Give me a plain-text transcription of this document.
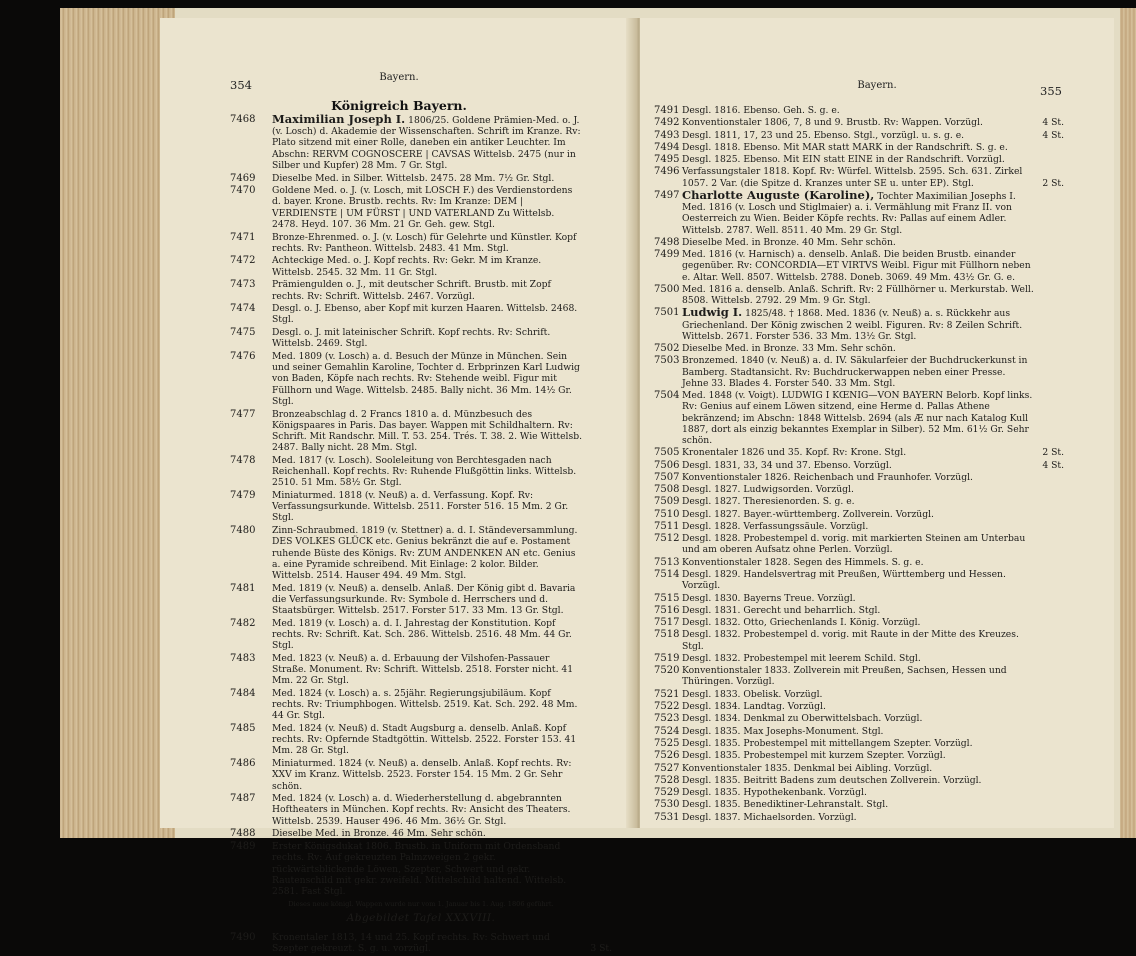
354
Bayern.
Königreich Bayern.
7468 Maximilian Joseph I. 1806/25. Goldene Prämien-Med. o. J. (v. Losch) d. Akademie der Wissenschaften. Schrift im Kranze. Rv: Plato sitzend mit einer Rolle, daneben ein antiker Leuchter. Im Abschn: RERVM COGNOSCERE | CAVSAS Wittelsb. 2475 (nur in Silber und Kupfer) 28 Mm. 7 Gr. Stgl.
7469 Dieselbe Med. in Silber. Wittelsb. 2475. 28 Mm. 7½ Gr. Stgl.
7470 Goldene Med. o. J. (v. Losch, mit LOSCH F.) des Verdienstordens d. bayer. Krone. Brustb. rechts. Rv: Im Kranze: DEM | VERDIENSTE | UM FÜRST | UND VATERLAND Zu Wittelsb. 2478. Heyd. 107. 36 Mm. 21 Gr. Geh. gew. Stgl.
7471 Bronze-Ehrenmed. o. J. (v. Losch) für Gelehrte und Künstler. Kopf rechts. Rv: Pantheon. Wittelsb. 2483. 41 Mm. Stgl.
7472 Achteckige Med. o. J. Kopf rechts. Rv: Gekr. M im Kranze. Wittelsb. 2545. 32 Mm. 11 Gr. Stgl.
7473 Prämiengulden o. J., mit deutscher Schrift. Brustb. mit Zopf rechts. Rv: Schrift. Wittelsb. 2467. Vorzügl.
7474 Desgl. o. J. Ebenso, aber Kopf mit kurzen Haaren. Wittelsb. 2468. Stgl.
7475 Desgl. o. J. mit lateinischer Schrift. Kopf rechts. Rv: Schrift. Wittelsb. 2469. Stgl.
7476 Med. 1809 (v. Losch) a. d. Besuch der Münze in München. Sein und seiner Gemahlin Karoline, Tochter d. Erbprinzen Karl Ludwig von Baden, Köpfe nach rechts. Rv: Stehende weibl. Figur mit Füllhorn und Wage. Wittelsb. 2485. Bally nicht. 36 Mm. 14½ Gr. Stgl.
7477 Bronzeabschlag d. 2 Francs 1810 a. d. Münzbesuch des Königspaares in Paris. Das bayer. Wappen mit Schildhaltern. Rv: Schrift. Mit Randschr. Mill. T. 53. 254. Trés. T. 38. 2. Wie Wittelsb. 2487. Bally nicht. 28 Mm. Stgl.
7478 Med. 1817 (v. Losch). Sooleleitung von Berchtesgaden nach Reichenhall. Kopf rechts. Rv: Ruhende Flußgöttin links. Wittelsb. 2510. 51 Mm. 58½ Gr. Stgl.
7479 Miniaturmed. 1818 (v. Neuß) a. d. Verfassung. Kopf. Rv: Verfassungsurkunde. Wittelsb. 2511. Forster 516. 15 Mm. 2 Gr. Stgl.
7480 Zinn-Schraubmed. 1819 (v. Stettner) a. d. I. Ständeversammlung. DES VOLKES GLÜCK etc. Genius bekränzt die auf e. Postament ruhende Büste des Königs. Rv: ZUM ANDENKEN AN etc. Genius a. eine Pyramide schreibend. Mit Einlage: 2 kolor. Bilder. Wittelsb. 2514. Hauser 494. 49 Mm. Stgl.
7481 Med. 1819 (v. Neuß) a. denselb. Anlaß. Der König gibt d. Bavaria die Verfassungsurkunde. Rv: Symbole d. Herrschers und d. Staatsbürger. Wittelsb. 2517. Forster 517. 33 Mm. 13 Gr. Stgl.
7482 Med. 1819 (v. Losch) a. d. I. Jahrestag der Konstitution. Kopf rechts. Rv: Schrift. Kat. Sch. 286. Wittelsb. 2516. 48 Mm. 44 Gr. Stgl.
7483 Med. 1823 (v. Neuß) a. d. Erbauung der Vilshofen-Passauer Straße. Monument. Rv: Schrift. Wittelsb. 2518. Forster nicht. 41 Mm. 22 Gr. Stgl.
7484 Med. 1824 (v. Losch) a. s. 25jähr. Regierungsjubiläum. Kopf rechts. Rv: Triumphbogen. Wittelsb. 2519. Kat. Sch. 292. 48 Mm. 44 Gr. Stgl.
7485 Med. 1824 (v. Neuß) d. Stadt Augsburg a. denselb. Anlaß. Kopf rechts. Rv: Opfernde Stadtgöttin. Wittelsb. 2522. Forster 153. 41 Mm. 28 Gr. Stgl.
7486 Miniaturmed. 1824 (v. Neuß) a. denselb. Anlaß. Kopf rechts. Rv: XXV im Kranz. Wittelsb. 2523. Forster 154. 15 Mm. 2 Gr. Sehr schön.
7487 Med. 1824 (v. Losch) a. d. Wiederherstellung d. abgebrannten Hoftheaters in München. Kopf rechts. Rv: Ansicht des Theaters. Wittelsb. 2539. Hauser 496. 46 Mm. 36½ Gr. Stgl.
7488 Dieselbe Med. in Bronze. 46 Mm. Sehr schön.
7489 Erster Königsdukat 1806. Brustb. in Uniform mit Ordensband rechts. Rv: Auf gekreuzten Palmzweigen 2 gekr. rückwärtsblickende Löwen, Szepter, Schwert und gekr. Rautenschild mit gekr. zweifeld. Mittelschild haltend. Wittelsb. 2581. Fast Stgl.
Dieses neue königl. Wappen wurde nur vom 1. Januar bis 1. Aug. 1806 geführt.
Abgebildet Tafel XXXVIII.
7490 Kronentaler 1813, 14 und 25. Kopf rechts. Rv: Schwert und Szepter gekreuzt. S. g. u. vorzügl.	3 St.
355
Bayern.
7491 Desgl. 1816. Ebenso. Geh. S. g. e.
7492 Konventionstaler 1806, 7, 8 und 9. Brustb. Rv: Wappen. Vorzügl.	4 St.
7493 Desgl. 1811, 17, 23 und 25. Ebenso. Stgl., vorzügl. u. s. g. e.	4 St.
7494 Desgl. 1818. Ebenso. Mit MAR statt MARK in der Randschrift. S. g. e.
7495 Desgl. 1825. Ebenso. Mit EIN statt EINE in der Randschrift. Vorzügl.
7496 Verfassungstaler 1818. Kopf. Rv: Würfel. Wittelsb. 2595. Sch. 631. Zirkel 1057. 2 Var. (die Spitze d. Kranzes unter SE u. unter EP). Stgl.	2 St.
7497 Charlotte Auguste (Karoline), Tochter Maximilian Josephs I. Med. 1816 (v. Losch und Stiglmaier) a. i. Vermählung mit Franz II. von Oesterreich zu Wien. Beider Köpfe rechts. Rv: Pallas auf einem Adler. Wittelsb. 2787. Well. 8511. 40 Mm. 29 Gr. Stgl.
7498 Dieselbe Med. in Bronze. 40 Mm. Sehr schön.
7499 Med. 1816 (v. Harnisch) a. denselb. Anlaß. Die beiden Brustb. einander gegenüber. Rv: CONCORDIA—ET VIRTVS Weibl. Figur mit Füllhorn neben e. Altar. Well. 8507. Wittelsb. 2788. Doneb. 3069. 49 Mm. 43½ Gr. G. e.
7500 Med. 1816 a. denselb. Anlaß. Schrift. Rv: 2 Füllhörner u. Merkurstab. Well. 8508. Wittelsb. 2792. 29 Mm. 9 Gr. Stgl.
7501 Ludwig I. 1825/48. † 1868. Med. 1836 (v. Neuß) a. s. Rückkehr aus Griechenland. Der König zwischen 2 weibl. Figuren. Rv: 8 Zeilen Schrift. Wittelsb. 2671. Forster 536. 33 Mm. 13½ Gr. Stgl.
7502 Dieselbe Med. in Bronze. 33 Mm. Sehr schön.
7503 Bronzemed. 1840 (v. Neuß) a. d. IV. Säkularfeier der Buchdruckerkunst in Bamberg. Stadtansicht. Rv: Buchdruckerwappen neben einer Presse. Jehne 33. Blades 4. Forster 540. 33 Mm. Stgl.
7504 Med. 1848 (v. Voigt). LUDWIG I KŒNIG—VON BAYERN Belorb. Kopf links. Rv: Genius auf einem Löwen sitzend, eine Herme d. Pallas Athene bekränzend; im Abschn: 1848 Wittelsb. 2694 (als Æ nur nach Katalog Kull 1887, dort als einzig bekanntes Exemplar in Silber). 52 Mm. 61½ Gr. Sehr schön.
7505 Kronentaler 1826 und 35. Kopf. Rv: Krone. Stgl.	2 St.
7506 Desgl. 1831, 33, 34 und 37. Ebenso. Vorzügl.	4 St.
7507 Konventionstaler 1826. Reichenbach und Fraunhofer. Vorzügl.
7508 Desgl. 1827. Ludwigsorden. Vorzügl.
7509 Desgl. 1827. Theresienorden. S. g. e.
7510 Desgl. 1827. Bayer.-württemberg. Zollverein. Vorzügl.
7511 Desgl. 1828. Verfassungssäule. Vorzügl.
7512 Desgl. 1828. Probestempel d. vorig. mit markierten Steinen am Unterbau und am oberen Aufsatz ohne Perlen. Vorzügl.
7513 Konventionstaler 1828. Segen des Himmels. S. g. e.
7514 Desgl. 1829. Handelsvertrag mit Preußen, Württemberg und Hessen. Vorzügl.
7515 Desgl. 1830. Bayerns Treue. Vorzügl.
7516 Desgl. 1831. Gerecht und beharrlich. Stgl.
7517 Desgl. 1832. Otto, Griechenlands I. König. Vorzügl.
7518 Desgl. 1832. Probestempel d. vorig. mit Raute in der Mitte des Kreuzes. Stgl.
7519 Desgl. 1832. Probestempel mit leerem Schild. Stgl.
7520 Konventionstaler 1833. Zollverein mit Preußen, Sachsen, Hessen und Thüringen. Vorzügl.
7521 Desgl. 1833. Obelisk. Vorzügl.
7522 Desgl. 1834. Landtag. Vorzügl.
7523 Desgl. 1834. Denkmal zu Oberwittelsbach. Vorzügl.
7524 Desgl. 1835. Max Josephs-Monument. Stgl.
7525 Desgl. 1835. Probestempel mit mittellangem Szepter. Vorzügl.
7526 Desgl. 1835. Probestempel mit kurzem Szepter. Vorzügl.
7527 Konventionstaler 1835. Denkmal bei Aibling. Vorzügl.
7528 Desgl. 1835. Beitritt Badens zum deutschen Zollverein. Vorzügl.
7529 Desgl. 1835. Hypothekenbank. Vorzügl.
7530 Desgl. 1835. Benediktiner-Lehranstalt. Stgl.
7531 Desgl. 1837. Michaelsorden. Vorzügl.
